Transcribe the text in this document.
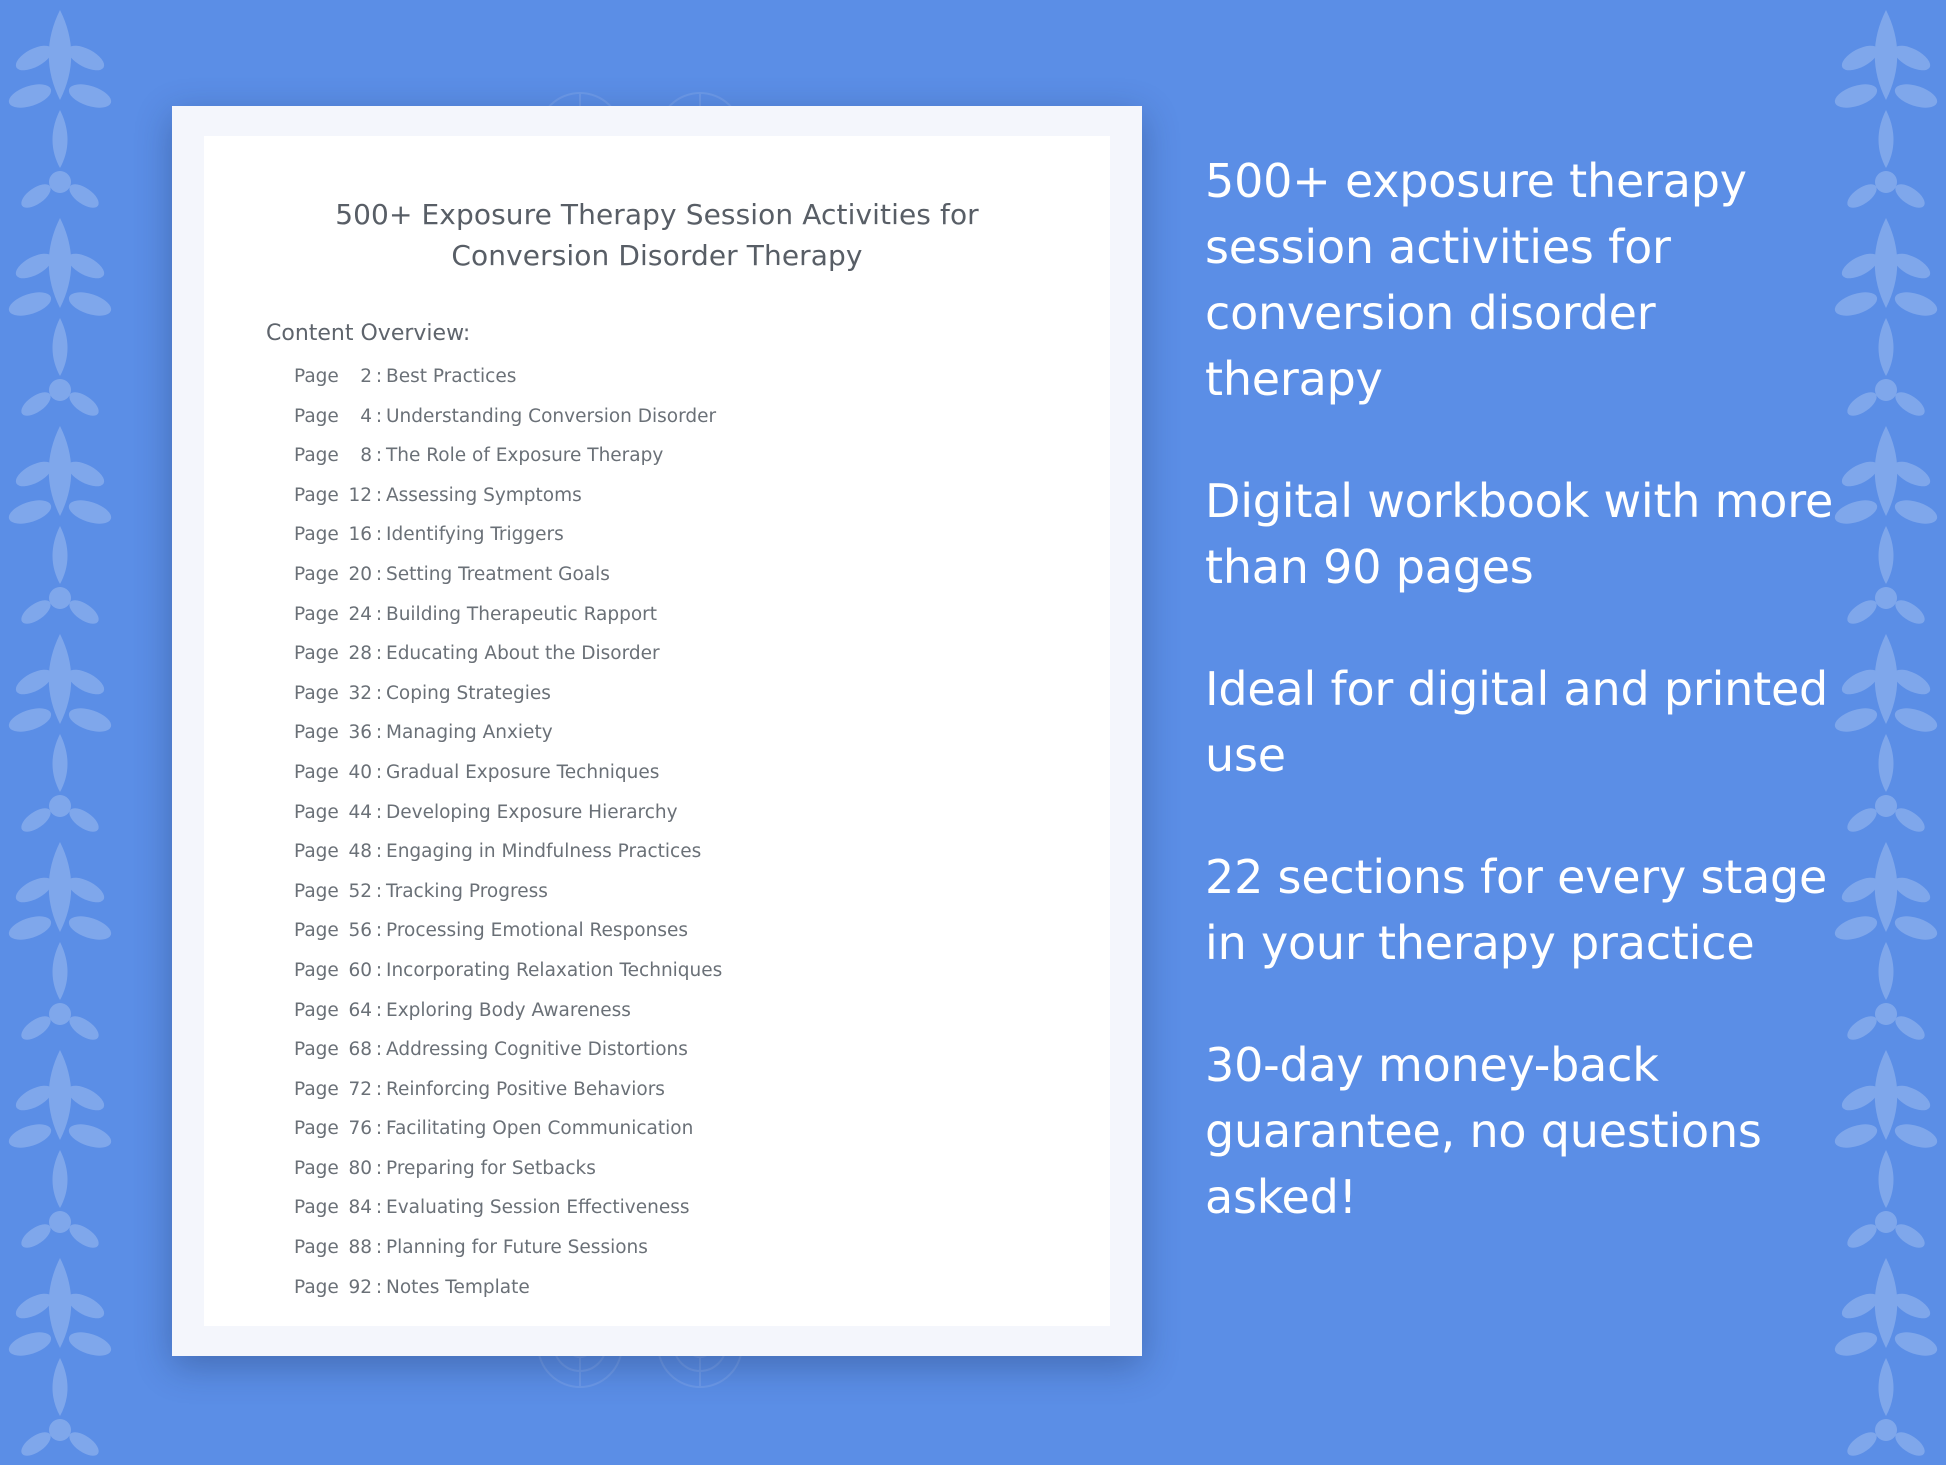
500+ Exposure Therapy Session Activities for Conversion Disorder Therapy
Content Overview:
Page	2 : Best Practices
Page	4 : Understanding Conversion Disorder
Page	8 : The Role of Exposure Therapy
Page 12 : Assessing Symptoms
Page 16 : Identifying Triggers
Page 20 : Setting Treatment Goals
Page 24 : Building Therapeutic Rapport
Page 28 : Educating About the Disorder
Page 32 : Coping Strategies
Page 36 : Managing Anxiety
Page 40 : Gradual Exposure Techniques
Page 44 : Developing Exposure Hierarchy
Page 48 : Engaging in Mindfulness Practices
Page 52 : Tracking Progress
Page 56 : Processing Emotional Responses
Page 60 : Incorporating Relaxation Techniques
Page 64 : Exploring Body Awareness
Page 68 : Addressing Cognitive Distortions
Page 72 : Reinforcing Positive Behaviors
Page 76 : Facilitating Open Communication
Page 80 : Preparing for Setbacks
Page 84 : Evaluating Session Effectiveness
Page 88 : Planning for Future Sessions
Page 92 : Notes Template
500+ exposure therapy session activities for conversion disorder therapy
Digital workbook with more than 90 pages
Ideal for digital and printed use
22 sections for every stage in your therapy practice
30-day money-back guarantee, no questions asked!
